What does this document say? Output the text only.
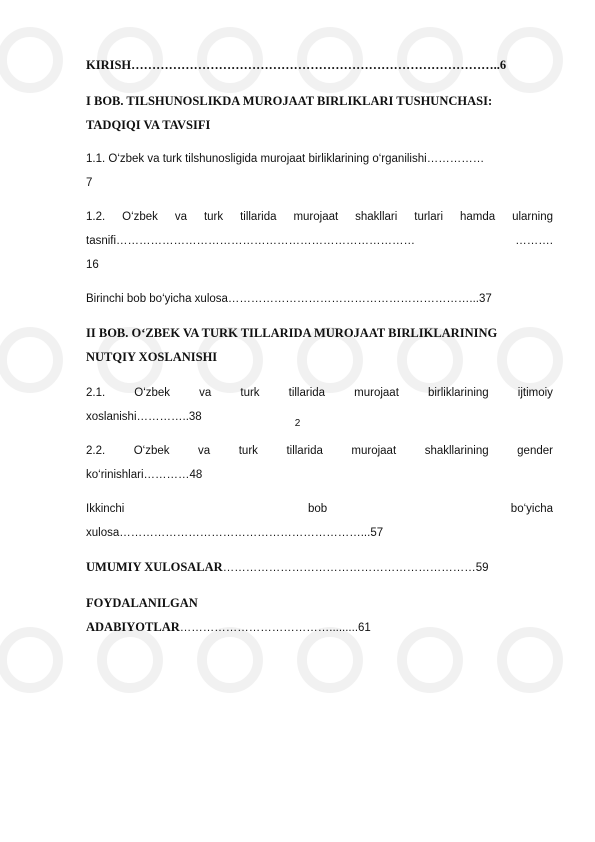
KIRISH……………………………………………………………………………..6
I BOB. TILSHUNOSLIKDA MUROJAAT BIRLIKLARI TUSHUNCHASI:
TADQIQI VA TAVSIFI
1.1. O‘zbek va turk tilshunosligida murojaat birliklarining o‘rganilishi……………
7
1.2. O‘zbek va turk tillarida murojaat shakllari turlari hamda ularning
tasnifi……………………………………………………………………	……….
16
Birinchi bob bo‘yicha xulosa………………………………………………………...37
II BOB. O‘ZBEK VA TURK TILLARIDA MUROJAAT BIRLIKLARINING
NUTQIY XOSLANISHI
2.1.	O‘zbek	va	turk	tillarida	murojaat	birliklarining	ijtimoiy
xoslanishi…………..38
2.2. O‘zbek va turk tillarida murojaat shakllarining gender
ko‘rinishlari…………48
Ikkinchi	bob	bo‘yicha
xulosa………………………………………………………...57
UMUMIY XULOSALAR…………………………………………………………59
FOYDALANILGAN
ADABIYOTLAR………………………………….........61
2
